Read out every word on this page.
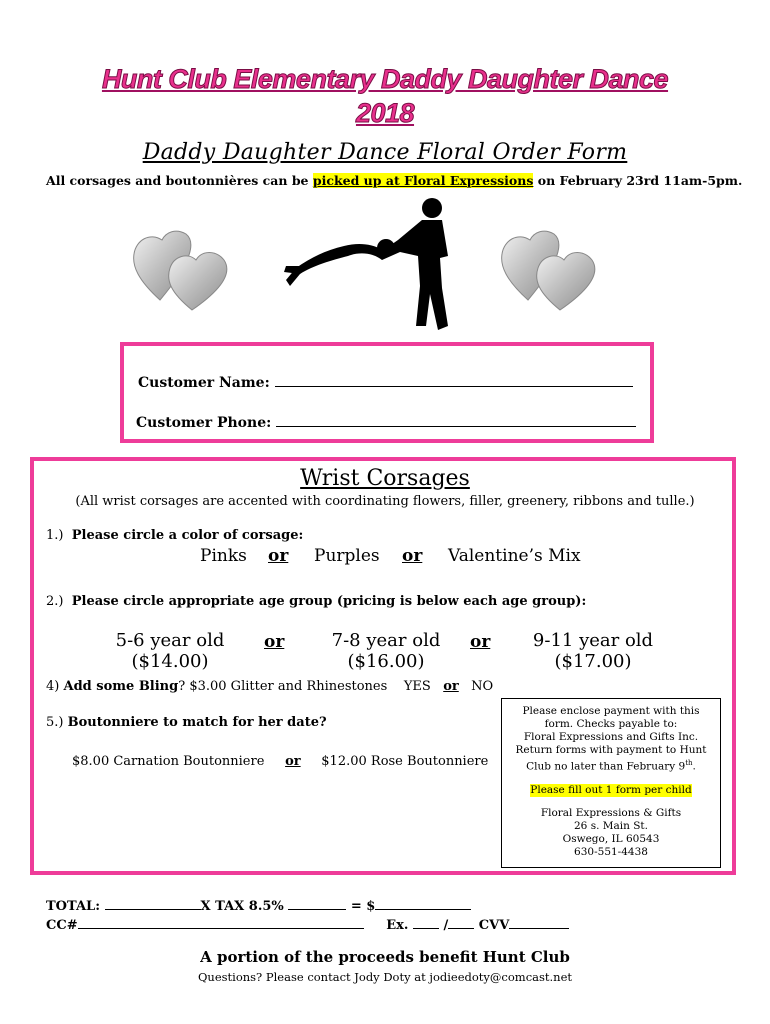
Hunt Club Elementary Daddy Daughter Dance
2018
Daddy Daughter Dance Floral Order Form
All corsages and boutonnières can be picked up at Floral Expressions on February 23rd 11am-5pm.
Customer Name:
Customer Phone:
Wrist Corsages
(All wrist corsages are accented with coordinating flowers, filler, greenery, ribbons and tulle.)
1.) Please circle a color of corsage:
Pinks or Purples or Valentine’s Mix
2.) Please circle appropriate age group (pricing is below each age group):
5-6 year old
($14.00)
or	7-8 year old
($16.00)
or 9-11 year old
($17.00)
4) Add some Bling? $3.00 Glitter and Rhinestones YES or NO
5.) Boutonniere to match for her date?
$8.00 Carnation Boutonniere or $12.00 Rose Boutonniere
Please enclose payment with this
form. Checks payable to:
Floral Expressions and Gifts Inc.
Return forms with payment to Hunt
Club no later than February 9th.
Please fill out 1 form per child
Floral Expressions & Gifts
26 s. Main St.
Oswego, IL 60543
630-551-4438
TOTAL:	X TAX 8.5%	= $
CC#	Ex.  / CVV
A portion of the proceeds benefit Hunt Club
Questions? Please contact Jody Doty at jodieedoty@comcast.net
